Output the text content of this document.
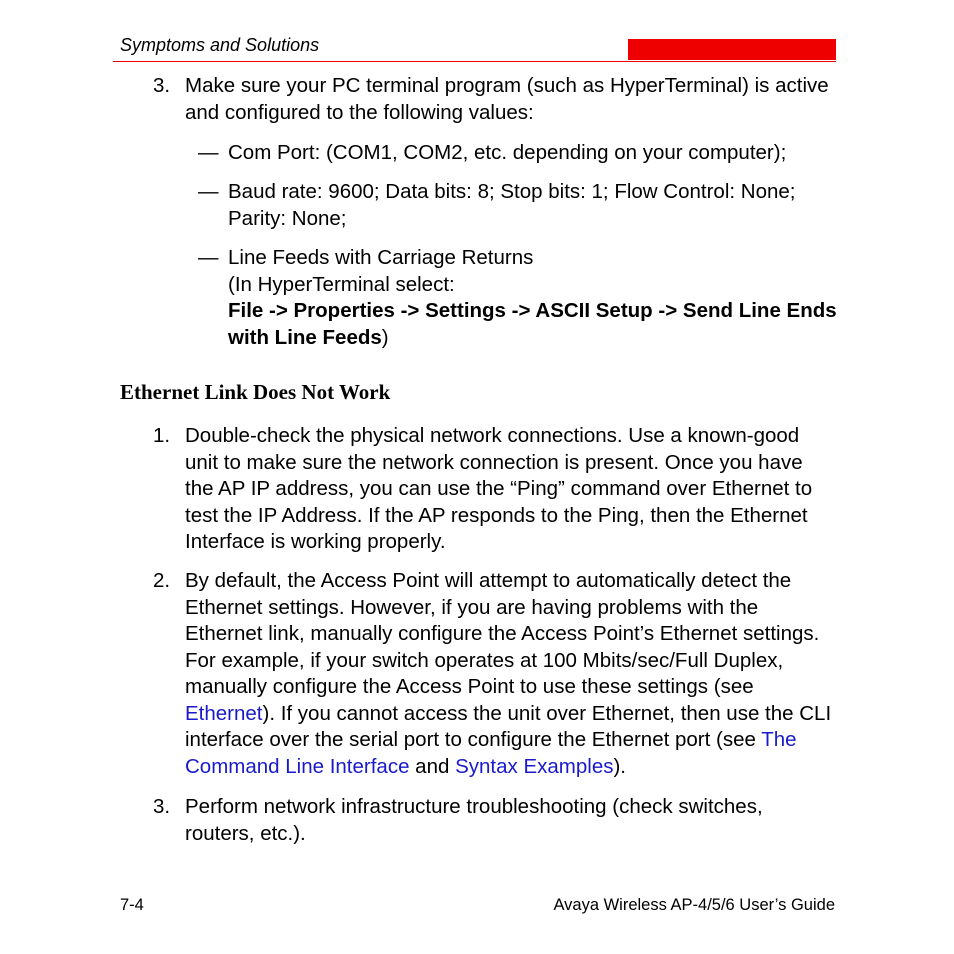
Symptoms and Solutions
3. Make sure your PC terminal program (such as HyperTerminal) is active and configured to the following values:
— Com Port: (COM1, COM2, etc. depending on your computer);
— Baud rate: 9600; Data bits: 8; Stop bits: 1; Flow Control: None; Parity: None;
— Line Feeds with Carriage Returns
(In HyperTerminal select:
File -> Properties -> Settings -> ASCII Setup -> Send Line Ends with Line Feeds)
Ethernet Link Does Not Work
1. Double-check the physical network connections. Use a known-good unit to make sure the network connection is present. Once you have the AP IP address, you can use the “Ping” command over Ethernet to test the IP Address. If the AP responds to the Ping, then the Ethernet Interface is working properly.
2. By default, the Access Point will attempt to automatically detect the Ethernet settings. However, if you are having problems with the Ethernet link, manually configure the Access Point’s Ethernet settings. For example, if your switch operates at 100 Mbits/sec/Full Duplex, manually configure the Access Point to use these settings (see Ethernet). If you cannot access the unit over Ethernet, then use the CLI interface over the serial port to configure the Ethernet port (see The Command Line Interface and Syntax Examples).
3. Perform network infrastructure troubleshooting (check switches, routers, etc.).
7-4	Avaya Wireless AP-4/5/6 User’s Guide
